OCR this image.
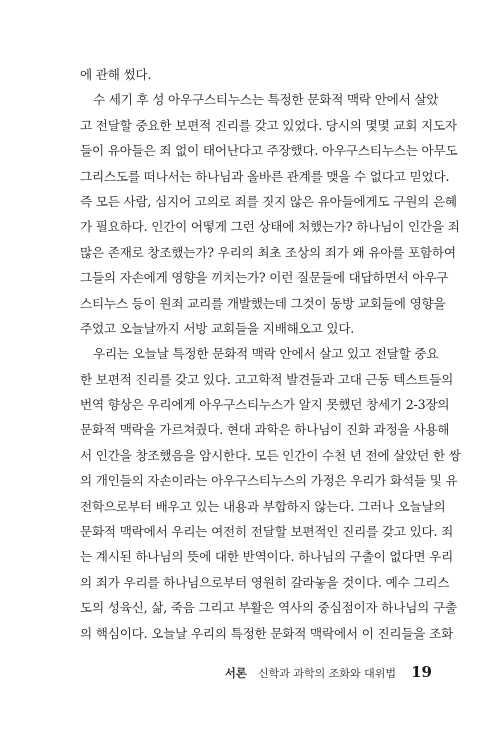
에 관해 썼다.
수 세기 후 성 아우구스티누스는 특정한 문화적 맥락 안에서 살았
고 전달할 중요한 보편적 진리를 갖고 있었다. 당시의 몇몇 교회 지도자
들이 유아들은 죄 없이 태어난다고 주장했다. 아우구스티누스는 아무도
그리스도를 떠나서는 하나님과 올바른 관계를 맺을 수 없다고 믿었다.
즉 모든 사람, 심지어 고의로 죄를 짓지 않은 유아들에게도 구원의 은혜
가 필요하다. 인간이 어떻게 그런 상태에 처했는가? 하나님이 인간을 죄
많은 존재로 창조했는가? 우리의 최초 조상의 죄가 왜 유아를 포함하여
그들의 자손에게 영향을 끼치는가? 이런 질문들에 대답하면서 아우구
스티누스 등이 원죄 교리를 개발했는데 그것이 동방 교회들에 영향을
주었고 오늘날까지 서방 교회들을 지배해오고 있다.
우리는 오늘날 특정한 문화적 맥락 안에서 살고 있고 전달할 중요
한 보편적 진리를 갖고 있다. 고고학적 발견들과 고대 근동 텍스트들의
번역 향상은 우리에게 아우구스티누스가 알지 못했던 창세기 2-3장의
문화적 맥락을 가르쳐줬다. 현대 과학은 하나님이 진화 과정을 사용해
서 인간을 창조했음을 암시한다. 모든 인간이 수천 년 전에 살았던 한 쌍
의 개인들의 자손이라는 아우구스티누스의 가정은 우리가 화석들 및 유
전학으로부터 배우고 있는 내용과 부합하지 않는다. 그러나 오늘날의
문화적 맥락에서 우리는 여전히 전달할 보편적인 진리를 갖고 있다. 죄
는 계시된 하나님의 뜻에 대한 반역이다. 하나님의 구출이 없다면 우리
의 죄가 우리를 하나님으로부터 영원히 갈라놓을 것이다. 예수 그리스
도의 성육신, 삶, 죽음 그리고 부활은 역사의 중심점이자 하나님의 구출
의 핵심이다. 오늘날 우리의 특정한 문화적 맥락에서 이 진리들을 조화
서론 신학과 과학의 조화와 대위법 19
